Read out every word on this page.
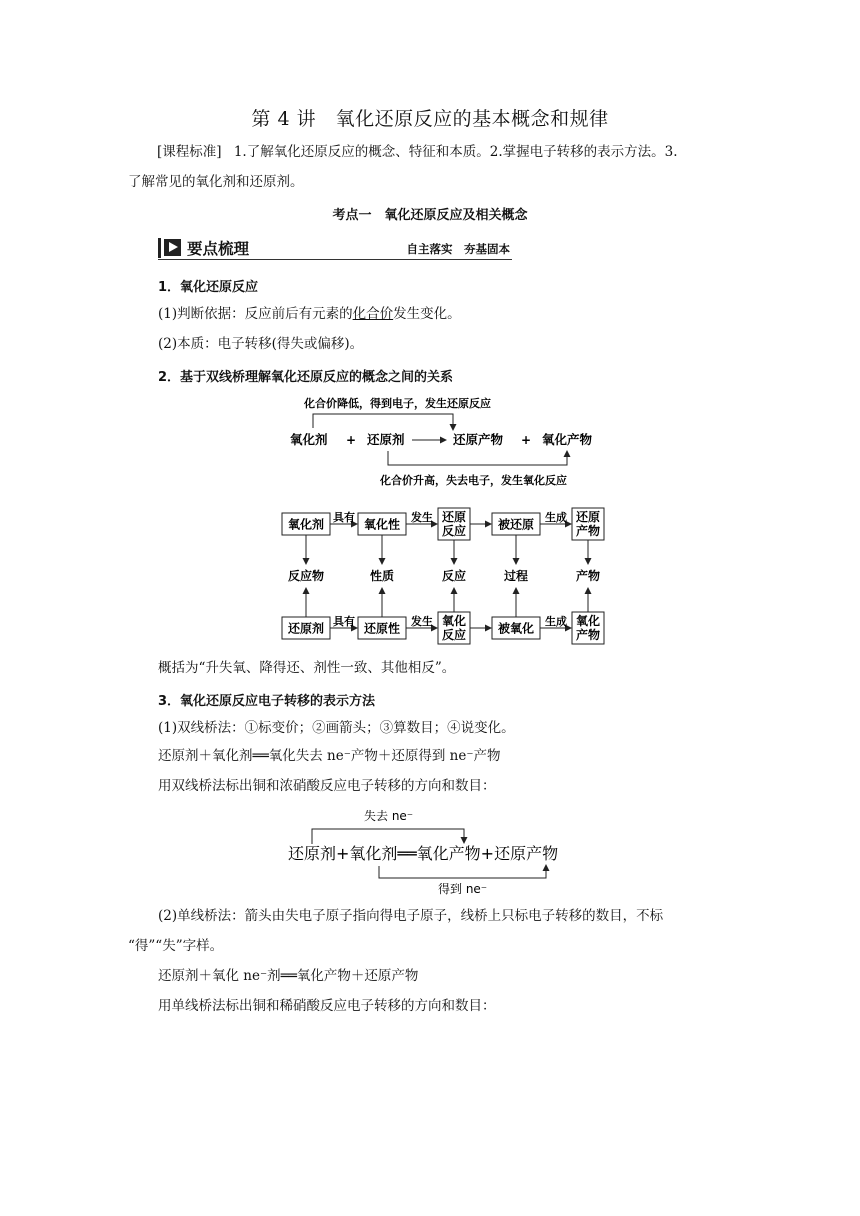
第 4 讲　氧化还原反应的基本概念和规律
[课程标准] 1.了解氧化还原反应的概念、特征和本质。2.掌握电子转移的表示方法。3.
了解常见的氧化剂和还原剂。
考点一　氧化还原反应及相关概念
要点梳理	自主落实　夯基固本
1．氧化还原反应
(1)判断依据：反应前后有元素的化合价发生变化。
(2)本质：电子转移(得失或偏移)。
2．基于双线桥理解氧化还原反应的概念之间的关系
化合价降低，得到电子，发生还原反应
氧化剂 + 还原剂	还原产物 + 氧化产物
化合价升高，失去电子，发生氧化反应
氧化剂	氧化性
还原
反应	被还原
还原
产物
还原剂	还原性
氧化
反应	被氧化
氧化
产物
反应物	性质	反应	过程	产物
具有	发生	生成
具有	发生	生成
概括为“升失氧、降得还、剂性一致、其他相反”。
3．氧化还原反应电子转移的表示方法
(1)双线桥法：①标变价；②画箭头；③算数目；④说变化。
还原剂＋氧化剂══氧化失去 ne⁻产物＋还原得到 ne⁻产物
用双线桥法标出铜和浓硝酸反应电子转移的方向和数目：
失去 ne⁻
还原剂+氧化剂══氧化产物+还原产物
得到 ne⁻
(2)单线桥法：箭头由失电子原子指向得电子原子，线桥上只标电子转移的数目，不标
“得”“失”字样。
还原剂＋氧化 ne⁻剂══氧化产物＋还原产物
用单线桥法标出铜和稀硝酸反应电子转移的方向和数目：
